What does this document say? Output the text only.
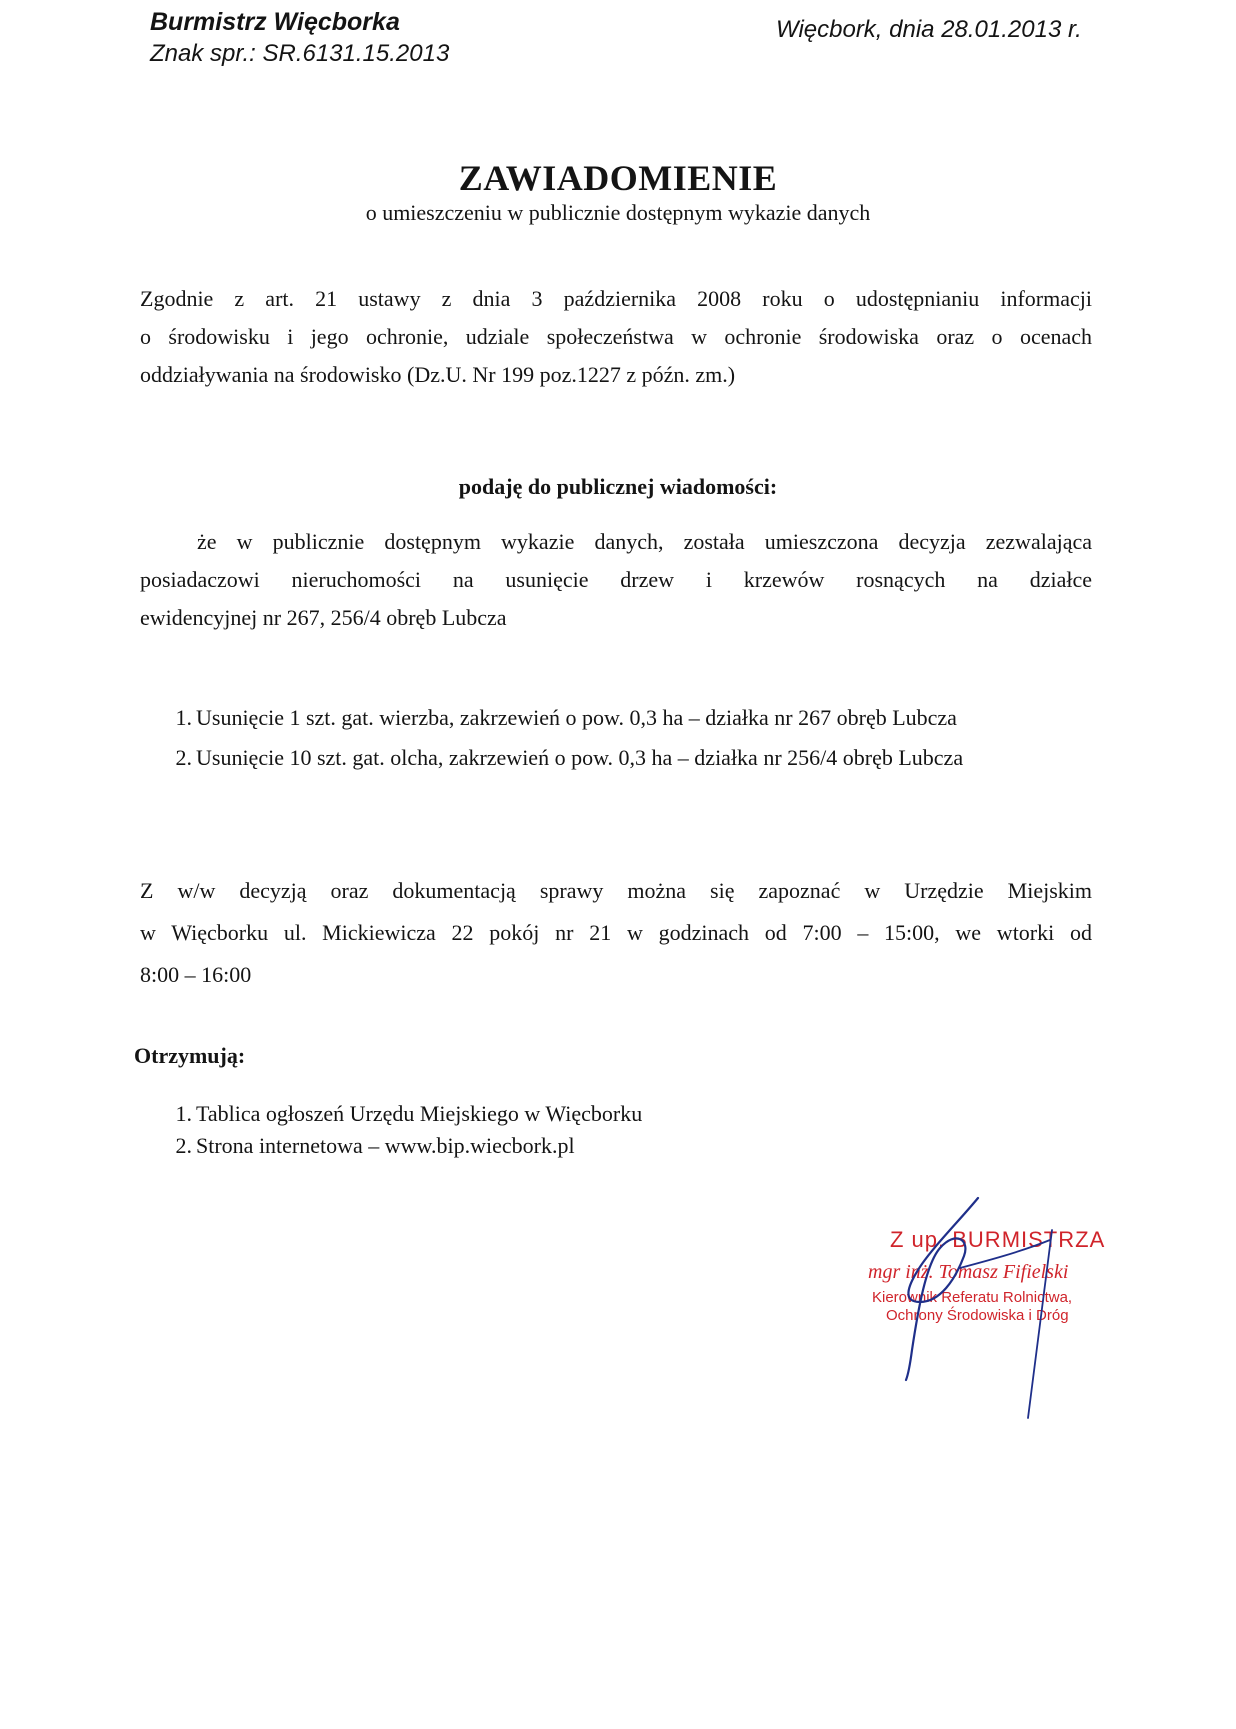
Burmistrz Więcborka
Znak spr.: SR.6131.15.2013
Więcbork, dnia 28.01.2013 r.
ZAWIADOMIENIE
o umieszczeniu w publicznie dostępnym wykazie danych
Zgodnie z art. 21 ustawy z dnia 3 października 2008 roku o udostępnianiu informacji
o środowisku i jego ochronie, udziale społeczeństwa w ochronie środowiska oraz o ocenach
oddziaływania na środowisko (Dz.U. Nr 199 poz.1227 z późn. zm.)
podaję do publicznej wiadomości:
że w publicznie dostępnym wykazie danych, została umieszczona decyzja zezwalająca
posiadaczowi nieruchomości na usunięcie drzew i krzewów rosnących na działce
ewidencyjnej nr 267, 256/4 obręb Lubcza
1. Usunięcie 1 szt. gat. wierzba, zakrzewień o pow. 0,3 ha – działka nr 267 obręb Lubcza
2. Usunięcie 10 szt. gat. olcha, zakrzewień o pow. 0,3 ha – działka nr 256/4 obręb Lubcza
Z w/w decyzją oraz dokumentacją sprawy można się zapoznać w Urzędzie Miejskim
w Więcborku ul. Mickiewicza 22 pokój nr 21 w godzinach od 7:00 – 15:00, we wtorki od
8:00 – 16:00
Otrzymują:
1. Tablica ogłoszeń Urzędu Miejskiego w Więcborku
2. Strona internetowa – www.bip.wiecbork.pl
Z up. BURMISTRZA
mgr inż. Tomasz Fifielski
Kierownik Referatu Rolnictwa,
Ochrony Środowiska i Dróg
